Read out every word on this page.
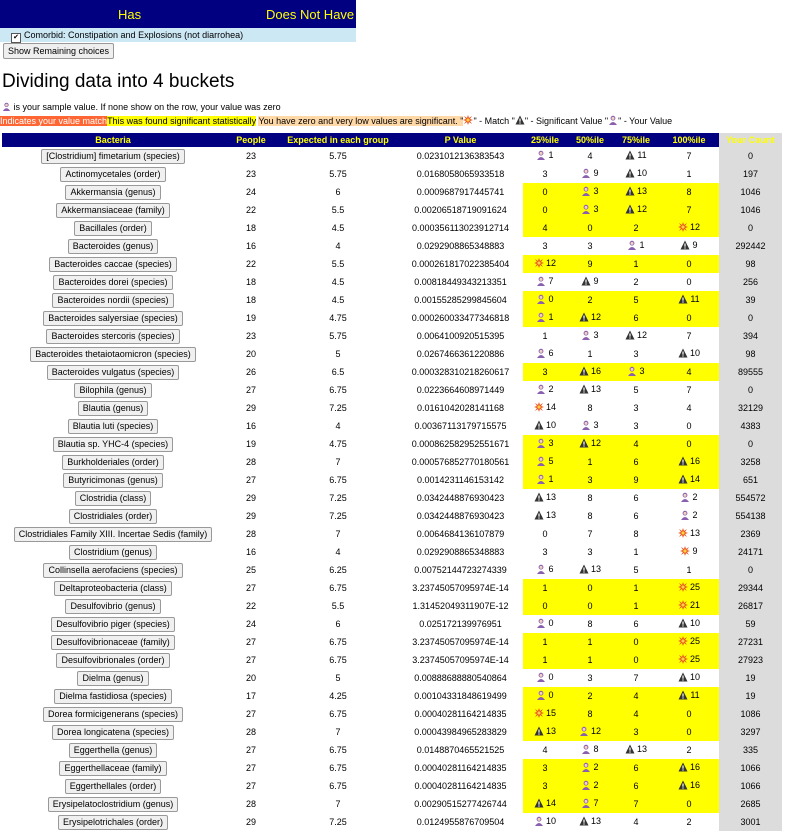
Has	Does Not Have
✔ Comorbid: Constipation and Explosions (not diarrohea)
Show Remaining choices
Dividing data into 4 buckets
is your sample value. If none show on the row, your value was zero
Indicates your value matchThis was found significant statistically You have zero and very low values are significant. " " - Match " " - Significant Value " " - Your Value
Bacteria	People	Expected in each group	P Value	25%ile	50%ile	75%ile	100%ile	Your Count
[Clostridium] fimetarium (species)	23	5.75	0.0231012136383543	1	4	11	7	0
Actinomycetales (order)	23	5.75	0.0168058065933518	3	9	10	1	197
Akkermansia (genus)	24	6	0.0009687917445741	0	3	13	8	1046
Akkermansiaceae (family)	22	5.5	0.00206518719091624	0	3	12	7	1046
Bacillales (order)	18	4.5	0.000356113023912714	4	0	2	12	0
Bacteroides (genus)	16	4	0.0292908865348883	3	3	1	9	292442
Bacteroides caccae (species)	22	5.5	0.000261817022385404	12	9	1	0	98
Bacteroides dorei (species)	18	4.5	0.00818449343213351	7	9	2	0	256
Bacteroides nordii (species)	18	4.5	0.00155285299845604	0	2	5	11	39
Bacteroides salyersiae (species)	19	4.75	0.000260033477346818	1	12	6	0	0
Bacteroides stercoris (species)	23	5.75	0.0064100920515395	1	3	12	7	394
Bacteroides thetaiotaomicron (species)	20	5	0.0267466361220886	6	1	3	10	98
Bacteroides vulgatus (species)	26	6.5	0.000328310218260617	3	16	3	4	89555
Bilophila (genus)	27	6.75	0.0223664608971449	2	13	5	7	0
Blautia (genus)	29	7.25	0.0161042028141168	14	8	3	4	32129
Blautia luti (species)	16	4	0.00367113179715575	10	3	3	0	4383
Blautia sp. YHC-4 (species)	19	4.75	0.000862582952551671	3	12	4	0	0
Burkholderiales (order)	28	7	0.000576852770180561	5	1	6	16	3258
Butyricimonas (genus)	27	6.75	0.0014231146153142	1	3	9	14	651
Clostridia (class)	29	7.25	0.0342448876930423	13	8	6	2	554572
Clostridiales (order)	29	7.25	0.0342448876930423	13	8	6	2	554138
Clostridiales Family XIII. Incertae Sedis (family)	28	7	0.0064684136107879	0	7	8	13	2369
Clostridium (genus)	16	4	0.0292908865348883	3	3	1	9	24171
Collinsella aerofaciens (species)	25	6.25	0.00752144723274339	6	13	5	1	0
Deltaproteobacteria (class)	27	6.75	3.23745057095974E-14	1	0	1	25	29344
Desulfovibrio (genus)	22	5.5	1.31452049311907E-12	0	0	1	21	26817
Desulfovibrio piger (species)	24	6	0.025172139976951	0	8	6	10	59
Desulfovibrionaceae (family)	27	6.75	3.23745057095974E-14	1	1	0	25	27231
Desulfovibrionales (order)	27	6.75	3.23745057095974E-14	1	1	0	25	27923
Dielma (genus)	20	5	0.00888688880540864	0	3	7	10	19
Dielma fastidiosa (species)	17	4.25	0.00104331848619499	0	2	4	11	19
Dorea formicigenerans (species)	27	6.75	0.00040281164214835	15	8	4	0	1086
Dorea longicatena (species)	28	7	0.00043984965283829	13	12	3	0	3297
Eggerthella (genus)	27	6.75	0.0148870465521525	4	8	13	2	335
Eggerthellaceae (family)	27	6.75	0.00040281164214835	3	2	6	16	1066
Eggerthellales (order)	27	6.75	0.00040281164214835	3	2	6	16	1066
Erysipelatoclostridium (genus)	28	7	0.00290515277426744	14	7	7	0	2685
Erysipelotrichales (order)	29	7.25	0.0124955876709504	10	13	4	2	3001
